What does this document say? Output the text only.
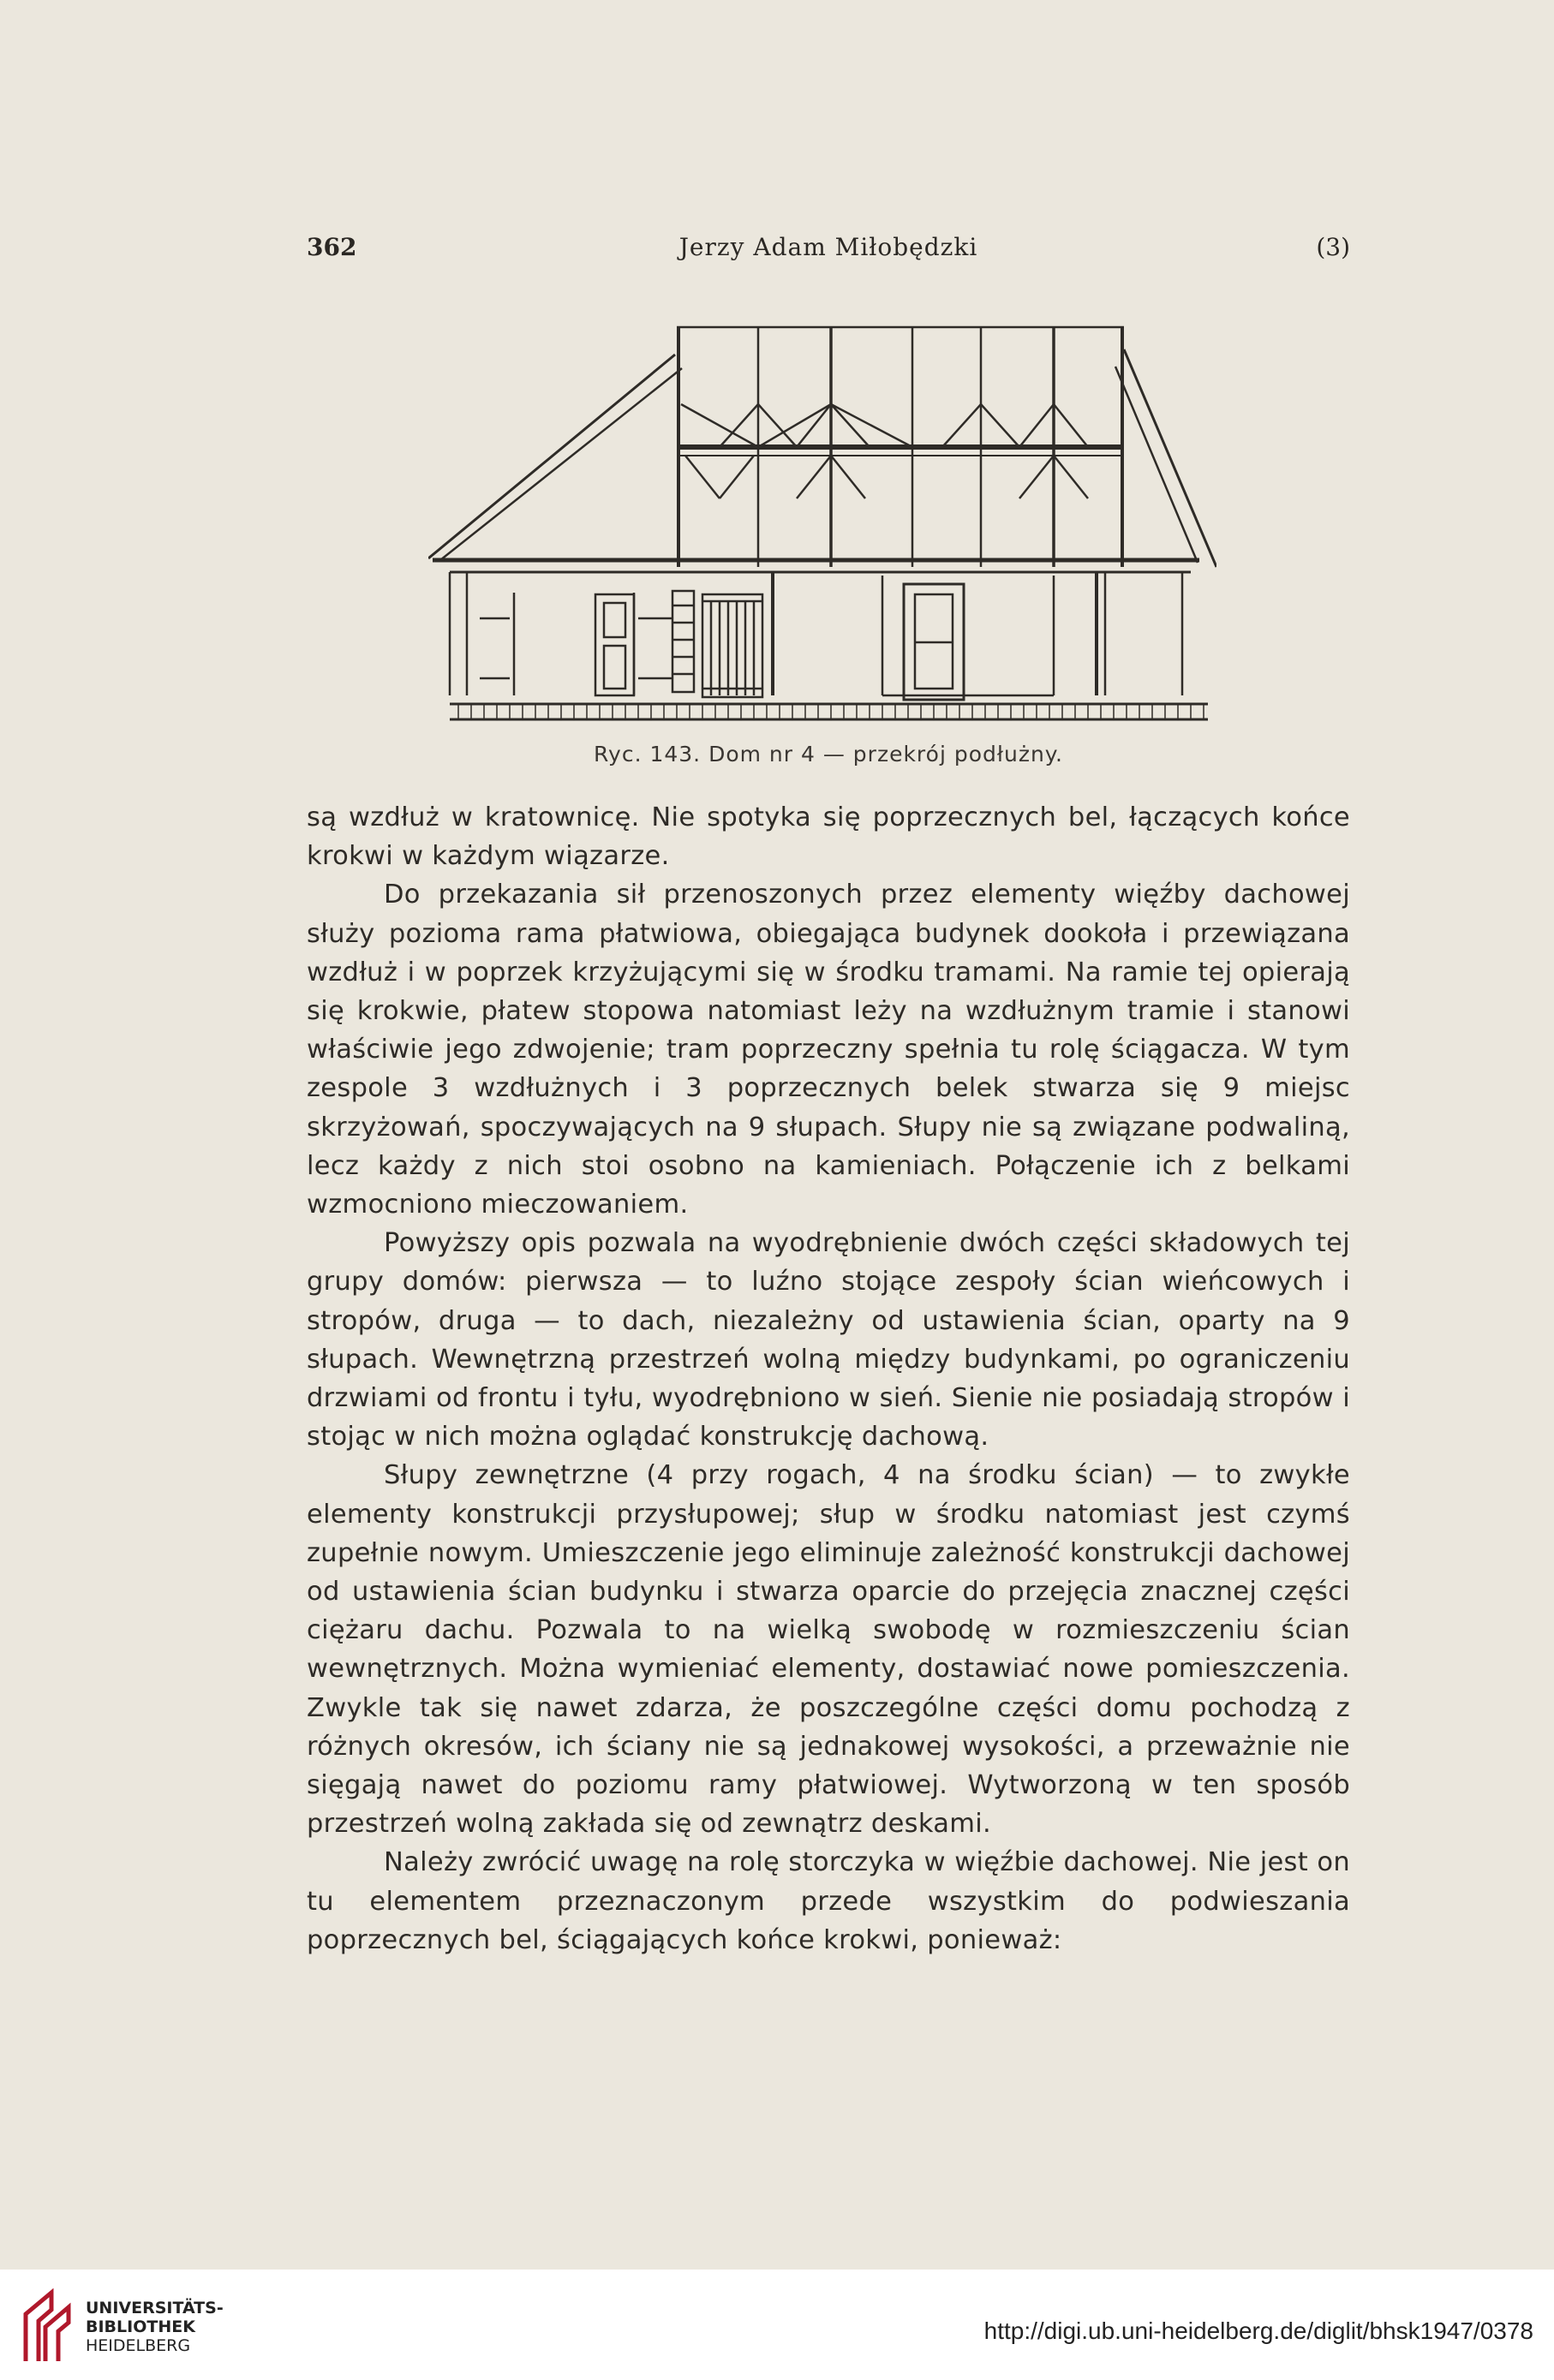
362	Jerzy Adam Miłobędzki	(3)
Ryc. 143. Dom nr 4 — przekrój podłużny.

są wzdłuż w kratownicę. Nie spotyka się poprzecznych bel, łączących końce krokwi w każdym wiązarze.

Do przekazania sił przenoszonych przez elementy więźby dachowej służy pozioma rama płatwiowa, obiegająca budynek dookoła i przewiązana wzdłuż i w poprzek krzyżującymi się w środku tramami. Na ramie tej opierają się krokwie, płatew stopowa natomiast leży na wzdłużnym tramie i stanowi właściwie jego zdwojenie; tram poprzeczny spełnia tu rolę ściągacza. W tym zespole 3 wzdłużnych i 3 poprzecznych belek stwarza się 9 miejsc skrzyżowań, spoczywających na 9 słupach. Słupy nie są związane podwaliną, lecz każdy z nich stoi osobno na kamieniach. Połączenie ich z belkami wzmocniono mieczowaniem.

Powyższy opis pozwala na wyodrębnienie dwóch części składowych tej grupy domów: pierwsza — to luźno stojące zespoły ścian wieńcowych i stropów, druga — to dach, niezależny od ustawienia ścian, oparty na 9 słupach. Wewnętrzną przestrzeń wolną między budynkami, po ograniczeniu drzwiami od frontu i tyłu, wyodrębniono w sień. Sienie nie posiadają stropów i stojąc w nich można oglądać konstrukcję dachową.

Słupy zewnętrzne (4 przy rogach, 4 na środku ścian) — to zwykłe elementy konstrukcji przysłupowej; słup w środku natomiast jest czymś zupełnie nowym. Umieszczenie jego eliminuje zależność konstrukcji dachowej od ustawienia ścian budynku i stwarza oparcie do przejęcia znacznej części ciężaru dachu. Pozwala to na wielką swobodę w rozmieszczeniu ścian wewnętrznych. Można wymieniać elementy, dostawiać nowe pomieszczenia. Zwykle tak się nawet zdarza, że poszczególne części domu pochodzą z różnych okresów, ich ściany nie są jednakowej wysokości, a przeważnie nie sięgają nawet do poziomu ramy płatwiowej. Wytworzoną w ten sposób przestrzeń wolną zakłada się od zewnątrz deskami.

Należy zwrócić uwagę na rolę storczyka w więźbie dachowej. Nie jest on tu elementem przeznaczonym przede wszystkim do podwieszania poprzecznych bel, ściągających końce krokwi, ponieważ:

UNIVERSITÄTS-
BIBLIOTHEK
HEIDELBERG
http://digi.ub.uni-heidelberg.de/diglit/bhsk1947/0378
